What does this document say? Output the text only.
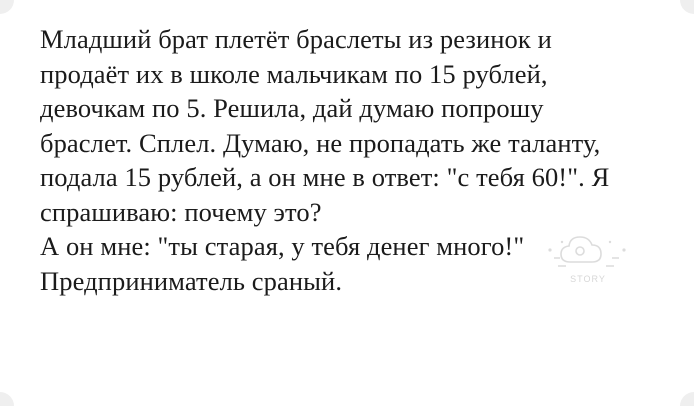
Младший брат плетёт браслеты из резинок и продаёт их в школе мальчикам по 15 рублей, девочкам по 5. Решила, дай думаю попрошу браслет. Сплел. Думаю, не пропадать же таланту, подала 15 рублей, а он мне в ответ: "с тебя 60!". Я спрашиваю: почему это?

А он мне: "ты старая, у тебя денег много!" Предприниматель сраный.	STORY
